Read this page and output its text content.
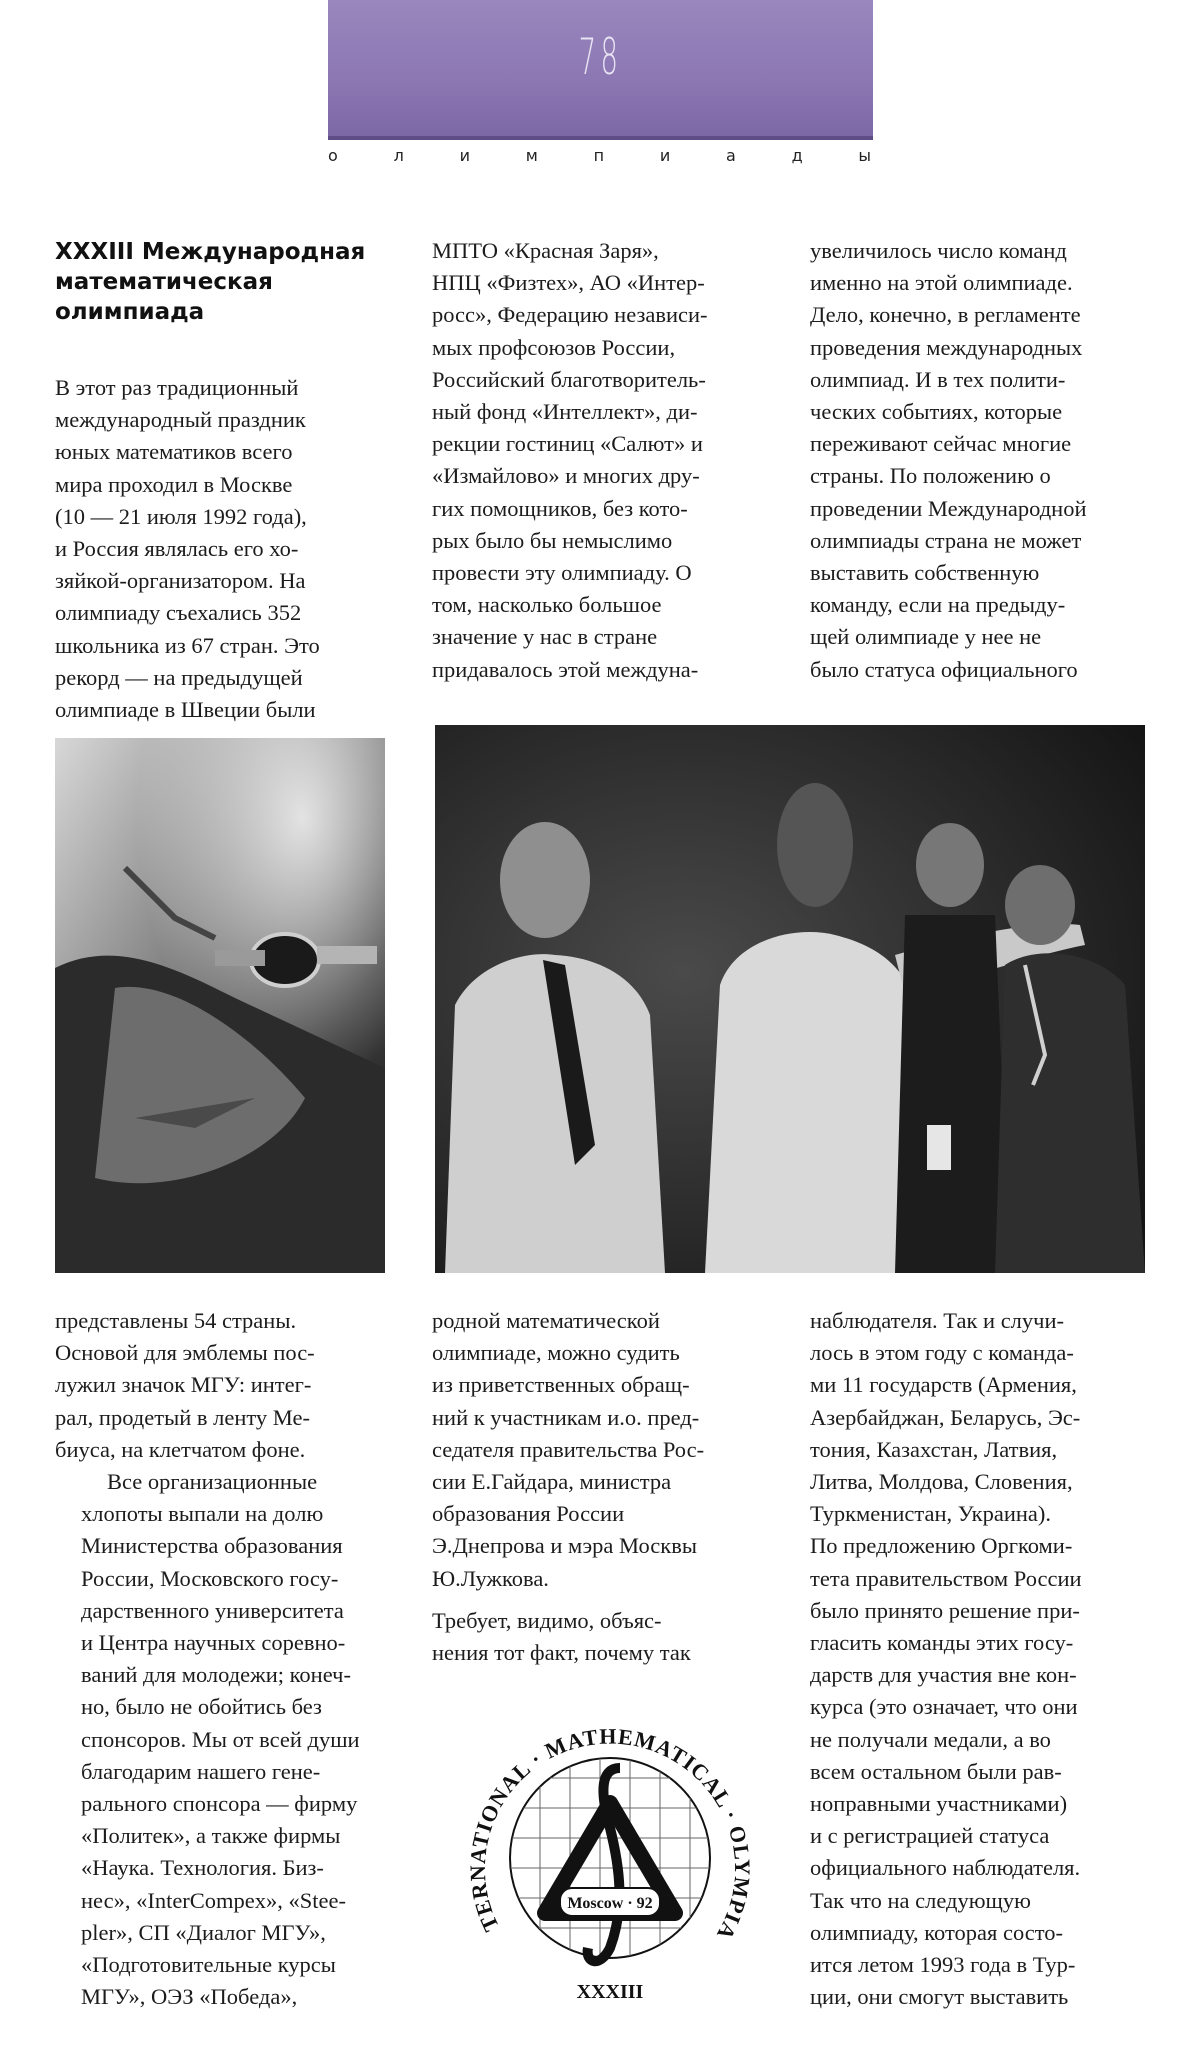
78
о	л	и	м	п	и	а	д	ы
XXXIII Международная математическая олимпиада
В этот раз традиционный
международный праздник
юных математиков всего
мира проходил в Москве
(10 — 21 июля 1992 года),
и Россия являлась его хо-
зяйкой-организатором. На
олимпиаду съехались 352
школьника из 67 стран. Это
рекорд — на предыдущей
олимпиаде в Швеции были
МПТО «Красная Заря»,
НПЦ «Физтех», АО «Интер-
росс», Федерацию независи-
мых профсоюзов России,
Российский благотворитель-
ный фонд «Интеллект», ди-
рекции гостиниц «Салют» и
«Измайлово» и многих дру-
гих помощников, без кото-
рых было бы немыслимо
провести эту олимпиаду. О
том, насколько большое
значение у нас в стране
придавалось этой междуна-
увеличилось число команд
именно на этой олимпиаде.
Дело, конечно, в регламенте
проведения международных
олимпиад. И в тех полити-
ческих событиях, которые
переживают сейчас многие
страны. По положению о
проведении Международной
олимпиады страна не может
выставить собственную
команду, если на предыду-
щей олимпиаде у нее не
было статуса официального
представлены 54 страны.
Основой для эмблемы пос-
лужил значок МГУ: интег-
рал, продетый в ленту Ме-
биуса, на клетчатом фоне.
Все организационные
хлопоты выпали на долю
Министерства образования
России, Московского госу-
дарственного университета
и Центра научных соревно-
ваний для молодежи; конеч-
но, было не обойтись без
спонсоров. Мы от всей души
благодарим нашего гене-
рального спонсора — фирму
«Политек», а также фирмы
«Наука. Технология. Биз-
нес», «InterCompex», «Stee-
pler», СП «Диалог МГУ»,
«Подготовительные курсы
МГУ», ОЭЗ «Победа»,
родной математической
олимпиаде, можно судить
из приветственных обращ-
ний к участникам и.о. пред-
седателя правительства Рос-
сии Е.Гайдара, министра
образования России
Э.Днепрова и мэра Москвы
Ю.Лужкова.
Требует, видимо, объяс-
нения тот факт, почему так
наблюдателя. Так и случи-
лось в этом году с команда-
ми 11 государств (Армения,
Азербайджан, Беларусь, Эс-
тония, Казахстан, Латвия,
Литва, Молдова, Словения,
Туркменистан, Украина).
По предложению Оргкоми-
тета правительством России
было принято решение при-
гласить команды этих госу-
дарств для участия вне кон-
курса (это означает, что они
не получали медали, а во
всем остальном были рав-
ноправными участниками)
и с регистрацией статуса
официального наблюдателя.
Так что на следующую
олимпиаду, которая состо-
ится летом 1993 года в Тур-
ции, они смогут выставить
Moscow · 92
TERNATIONAL · MATHEMATICAL · OLYMPIA
XXXIII
